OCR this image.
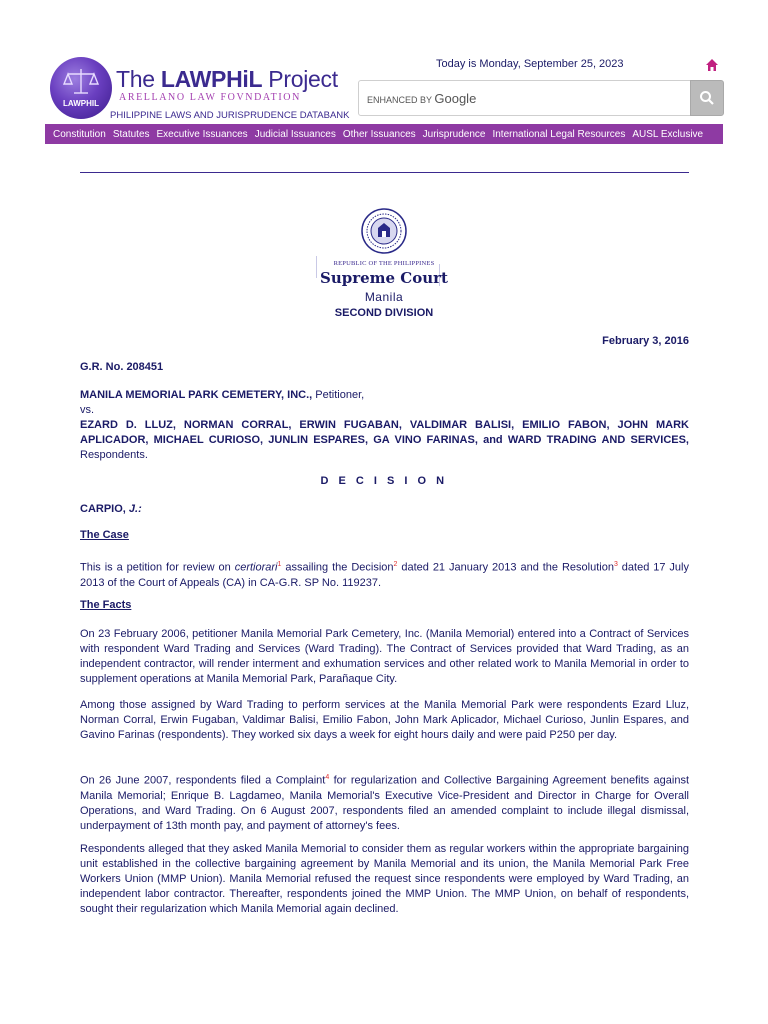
LAWPHIL
The LAWPHiL Project
ARELLANO LAW FOVNDATION
PHILIPPINE LAWS AND JURISPRUDENCE DATABANK
Today is Monday, September 25, 2023
ENHANCED BY Google
Constitution Statutes Executive Issuances Judicial Issuances Other Issuances Jurisprudence International Legal Resources AUSL Exclusive
REPUBLIC OF THE PHILIPPINES
Supreme Court
Manila
SECOND DIVISION
February 3, 2016
G.R. No. 208451
MANILA MEMORIAL PARK CEMETERY, INC., Petitioner,
vs.
EZARD D. LLUZ, NORMAN CORRAL, ERWIN FUGABAN, VALDIMAR BALISI, EMILIO FABON, JOHN MARK APLICADOR, MICHAEL CURIOSO, JUNLIN ESPARES, GA VINO FARINAS, and WARD TRADING AND SERVICES, Respondents.
D E C I S I O N
CARPIO, J.:
The Case
This is a petition for review on certiorari$^1$ assailing the Decision$^2$ dated 21 January 2013 and the Resolution$^3$ dated 17 July 2013 of the Court of Appeals (CA) in CA-G.R. SP No. 119237.
The Facts
On 23 February 2006, petitioner Manila Memorial Park Cemetery, Inc. (Manila Memorial) entered into a Contract of Services with respondent Ward Trading and Services (Ward Trading). The Contract of Services provided that Ward Trading, as an independent contractor, will render interment and exhumation services and other related work to Manila Memorial in order to supplement operations at Manila Memorial Park, Parañaque City.
Among those assigned by Ward Trading to perform services at the Manila Memorial Park were respondents Ezard Lluz, Norman Corral, Erwin Fugaban, Valdimar Balisi, Emilio Fabon, John Mark Aplicador, Michael Curioso, Junlin Espares, and Gavino Farinas (respondents). They worked six days a week for eight hours daily and were paid P250 per day.
On 26 June 2007, respondents filed a Complaint$^4$ for regularization and Collective Bargaining Agreement benefits against Manila Memorial; Enrique B. Lagdameo, Manila Memorial's Executive Vice-President and Director in Charge for Overall Operations, and Ward Trading. On 6 August 2007, respondents filed an amended complaint to include illegal dismissal, underpayment of 13th month pay, and payment of attorney's fees.
Respondents alleged that they asked Manila Memorial to consider them as regular workers within the appropriate bargaining unit established in the collective bargaining agreement by Manila Memorial and its union, the Manila Memorial Park Free Workers Union (MMP Union). Manila Memorial refused the request since respondents were employed by Ward Trading, an independent labor contractor. Thereafter, respondents joined the MMP Union. The MMP Union, on behalf of respondents, sought their regularization which Manila Memorial again declined.
